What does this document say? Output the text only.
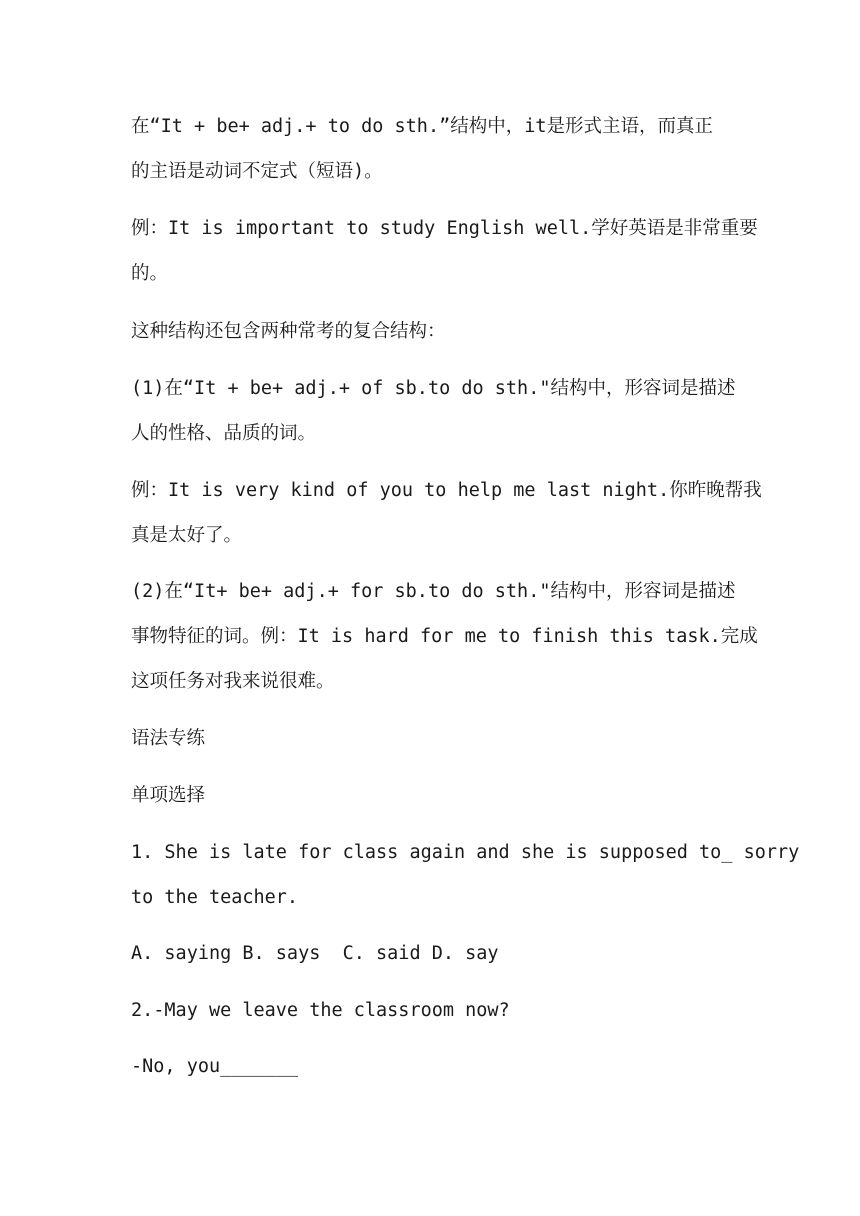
在“It + be+ adj.+ to do sth.”结构中，it是形式主语，而真正
的主语是动词不定式（短语)。
例：It is important to study English well.学好英语是非常重要
的。
这种结构还包含两种常考的复合结构：
(1)在“It + be+ adj.+ of sb.to do sth."结构中，形容词是描述
人的性格、品质的词。
例：It is very kind of you to help me last night.你昨晚帮我
真是太好了。
(2)在“It+ be+ adj.+ for sb.to do sth."结构中，形容词是描述
事物特征的词。例：It is hard for me to finish this task.完成
这项任务对我来说很难。
语法专练
单项选择
1. She is late for class again and she is supposed to_ sorry
to the teacher.
A. saying B. says  C. said D. say
2.-May we leave the classroom now?
-No, you_______
